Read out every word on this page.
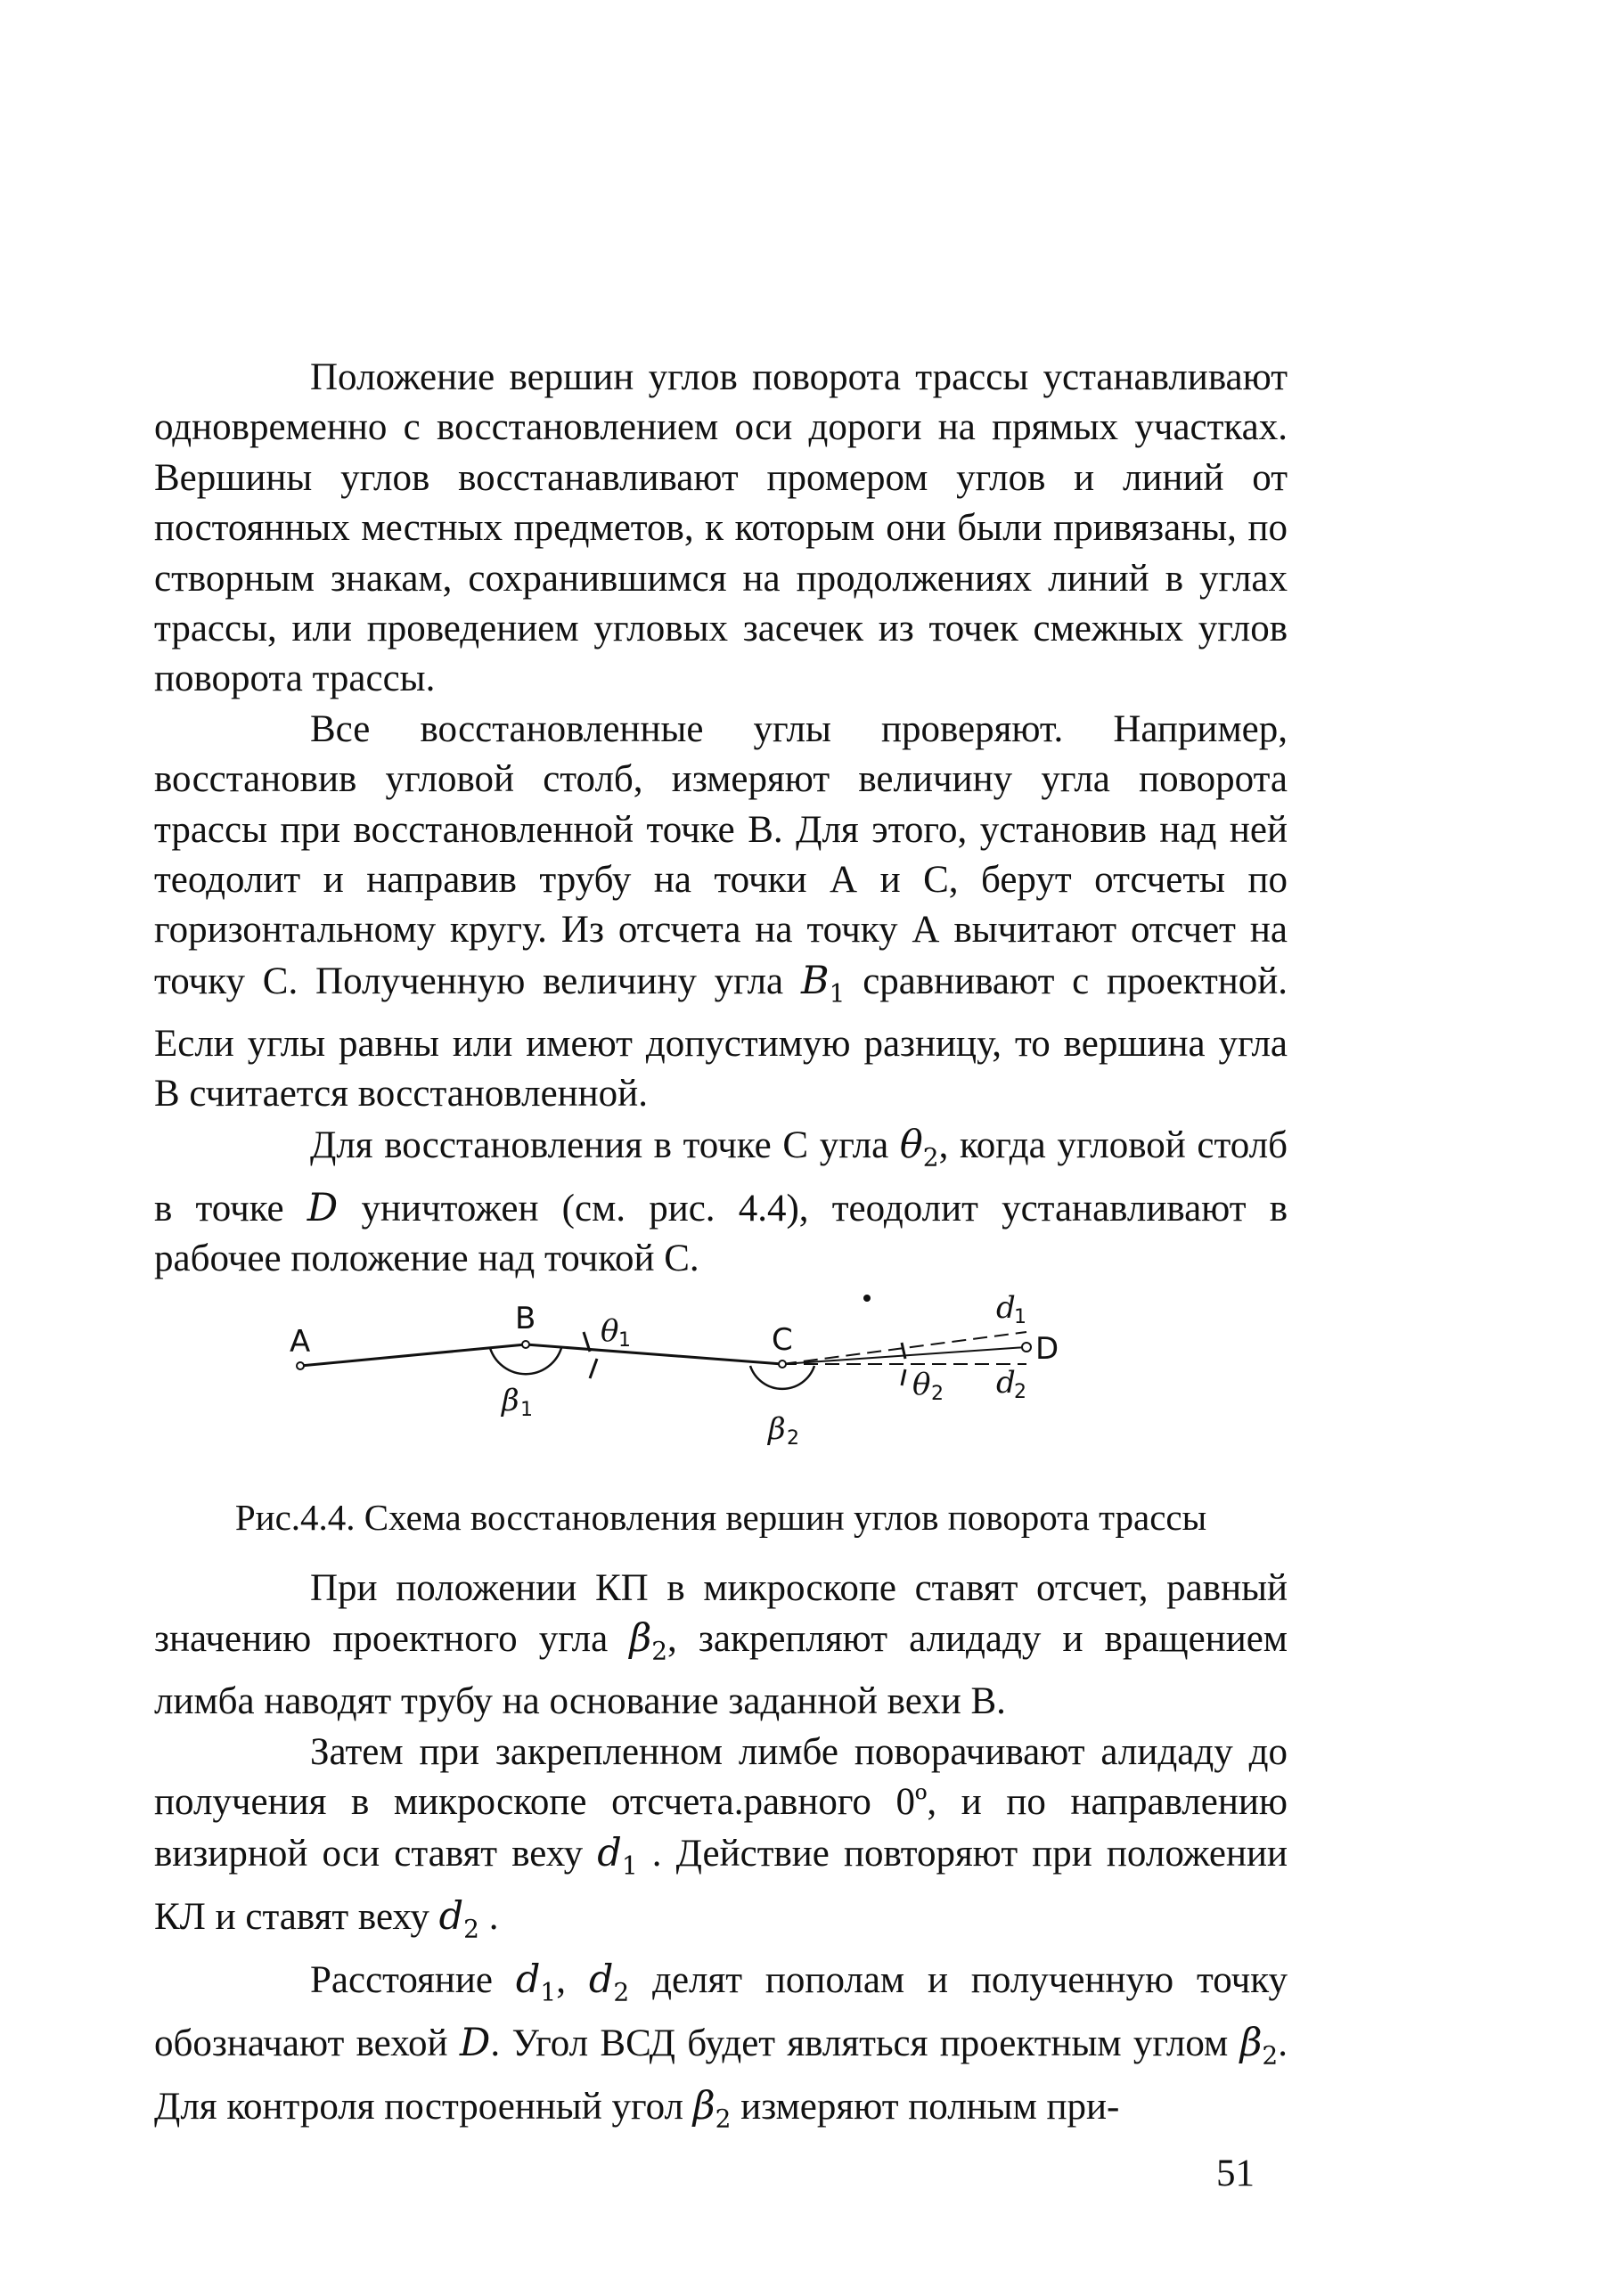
Положение вершин углов поворота трассы устанавливают одновременно с восстановлением оси дороги на прямых участках. Вершины углов восстанавливают промером углов и линий от постоянных местных предметов, к которым они были привязаны, по створным знакам, сохранившимся на продолжениях линий в углах трассы, или проведением угловых засечек из точек смежных углов поворота трассы.

Все восстановленные углы проверяют. Например, восстановив угловой столб, измеряют величину угла поворота трассы при восстановленной точке В. Для этого, установив над ней теодолит и направив трубу на точки А и С, берут отсчеты по горизонтальному кругу. Из отсчета на точку А вычитают отсчет на точку С. Полученную величину угла $B_1$ сравнивают с проектной. Если углы равны или имеют допустимую разницу, то вершина угла В считается восстановленной.

Для восстановления в точке С угла $\theta_2$, когда угловой столб в точке D уничтожен (см. рис. 4.4), теодолит устанавливают в рабочее положение над точкой С.

A
B
C	D
θ 1
θ 2
β 1
β 2
d
1
d
2
Рис.4.4. Схема восстановления вершин углов поворота трассы

При положении КП в микроскопе ставят отсчет, равный значению проектного угла $\beta_2$, закрепляют алидаду и вращением лимба наводят трубу на основание заданной вехи В.

Затем при закрепленном лимбе поворачивают алидаду до получения в микроскопе отсчета.равного 0º, и по направлению визирной оси ставят веху $d_1$ . Действие повторяют при положении КЛ и ставят веху $d_2$ .

Расстояние $d_1$, $d_2$ делят пополам и полученную точку обозначают вехой D. Угол ВСД будет являться проектным углом $\beta_2$. Для контроля построенный угол $\beta_2$ измеряют полным при-

51
